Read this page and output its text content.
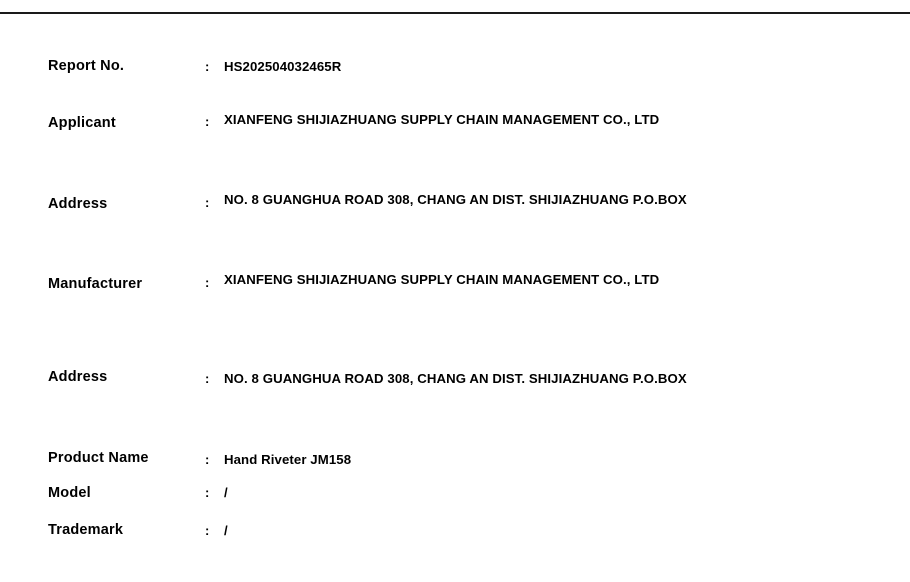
Report No.	: HS202504032465R
Applicant	: XIANFENG SHIJIAZHUANG SUPPLY CHAIN MANAGEMENT CO., LTD
Address	: NO. 8 GUANGHUA ROAD 308, CHANG AN DIST. SHIJIAZHUANG P.O.BOX
Manufacturer	: XIANFENG SHIJIAZHUANG SUPPLY CHAIN MANAGEMENT CO., LTD
Address	: NO. 8 GUANGHUA ROAD 308, CHANG AN DIST. SHIJIAZHUANG P.O.BOX
Product Name	: Hand Riveter JM158
Model	: /
Trademark	: /
